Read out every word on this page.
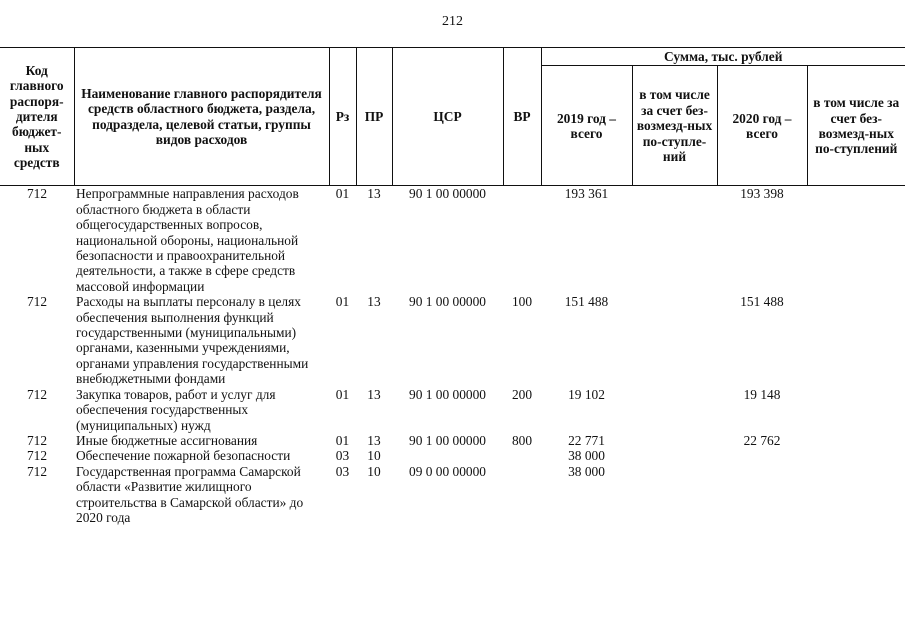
212
Код главного распоря-дителя бюджет-ных средств	Наименование главного распорядителя средств областного бюджета, раздела, подраздела, целевой статьи, группы видов расходов	Рз	ПР	ЦСР	ВР	Сумма, тыс. рублей			
						2019 год – всего	в том числе за счет без-возмезд-ных по-ступле-ний	2020 год – всего	в том числе за счет без-возмезд-ных по-ступлений
712	Непрограммные направления расходов областного бюджета в области общегосударственных вопросов, национальной обороны, национальной безопасности и правоохранительной деятельности, а также в сфере средств массовой информации	01	13	90 1 00 00000		193 361		193 398	
712	Расходы на выплаты персоналу в целях обеспечения выполнения функций государственными (муниципальными) органами, казенными учреждениями, органами управления государственными внебюджетными фондами	01	13	90 1 00 00000	100	151 488		151 488	
712	Закупка товаров, работ и услуг для обеспечения государственных (муниципальных) нужд	01	13	90 1 00 00000	200	19 102		19 148	
712	Иные бюджетные ассигнования	01	13	90 1 00 00000	800	22 771		22 762	
712	Обеспечение пожарной безопасности	03	10			38 000			
712	Государственная программа Самарской области «Развитие жилищного строительства в Самарской области» до 2020 года	03	10	09 0 00 00000		38 000			
